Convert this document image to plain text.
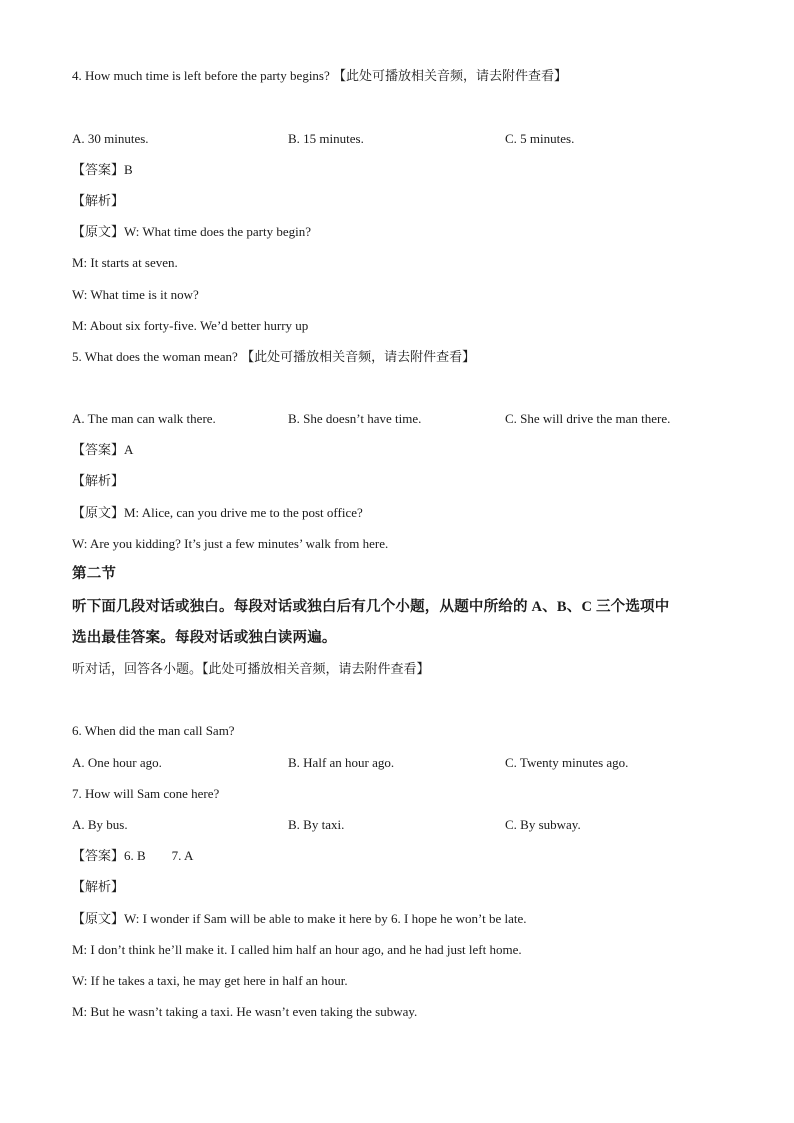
4. How much time is left before the party begins? 【此处可播放相关音频，请去附件查看】
A. 30 minutes.	B. 15 minutes.	C. 5 minutes.
【答案】B
【解析】
【原文】W: What time does the party begin?
M: It starts at seven.
W: What time is it now?
M: About six forty-five. We’d better hurry up
5. What does the woman mean? 【此处可播放相关音频，请去附件查看】
A. The man can walk there.	B. She doesn’t have time.	C. She will drive the man there.
【答案】A
【解析】
【原文】M: Alice, can you drive me to the post office?
W: Are you kidding? It’s just a few minutes’ walk from here.
第二节
听下面几段对话或独白。每段对话或独白后有几个小题，从题中所给的 A、B、C 三个选项中
选出最佳答案。每段对话或独白读两遍。
听对话，回答各小题。【此处可播放相关音频，请去附件查看】
6. When did the man call Sam?
A. One hour ago.	B. Half an hour ago.	C. Twenty minutes ago.
7. How will Sam cone here?
A. By bus.	B. By taxi.	C. By subway.
【答案】6. B 7. A
【解析】
【原文】W: I wonder if Sam will be able to make it here by 6. I hope he won’t be late.
M: I don’t think he’ll make it. I called him half an hour ago, and he had just left home.
W: If he takes a taxi, he may get here in half an hour.
M: But he wasn’t taking a taxi. He wasn’t even taking the subway.
